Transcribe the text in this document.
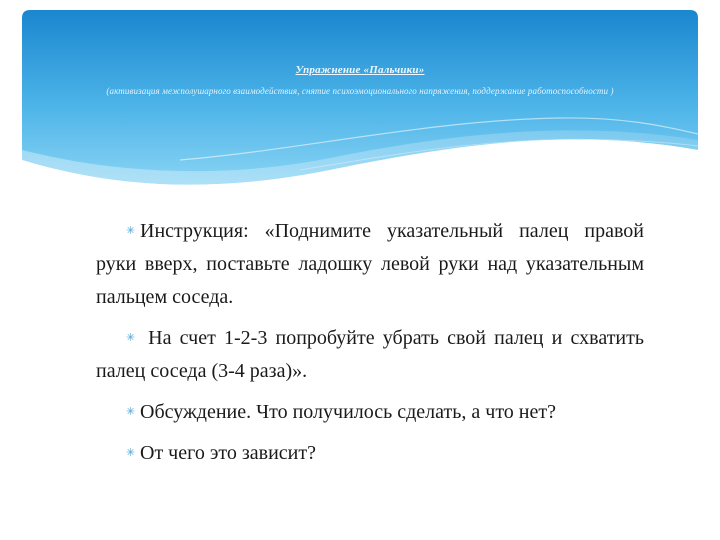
Упражнение «Пальчики»
(активизация межполушарного взаимодействия, снятие психоэмоционального напряжения, поддержание работоспособности )

✳ Инструкция: «Поднимите указательный палец правой руки вверх, поставьте ладошку левой руки над указательным пальцем соседа.

✳ На счет 1-2-3 попробуйте убрать свой палец и схватить палец соседа (3-4 раза)».

✳ Обсуждение. Что получилось сделать, а что нет?

✳ От чего это зависит?
